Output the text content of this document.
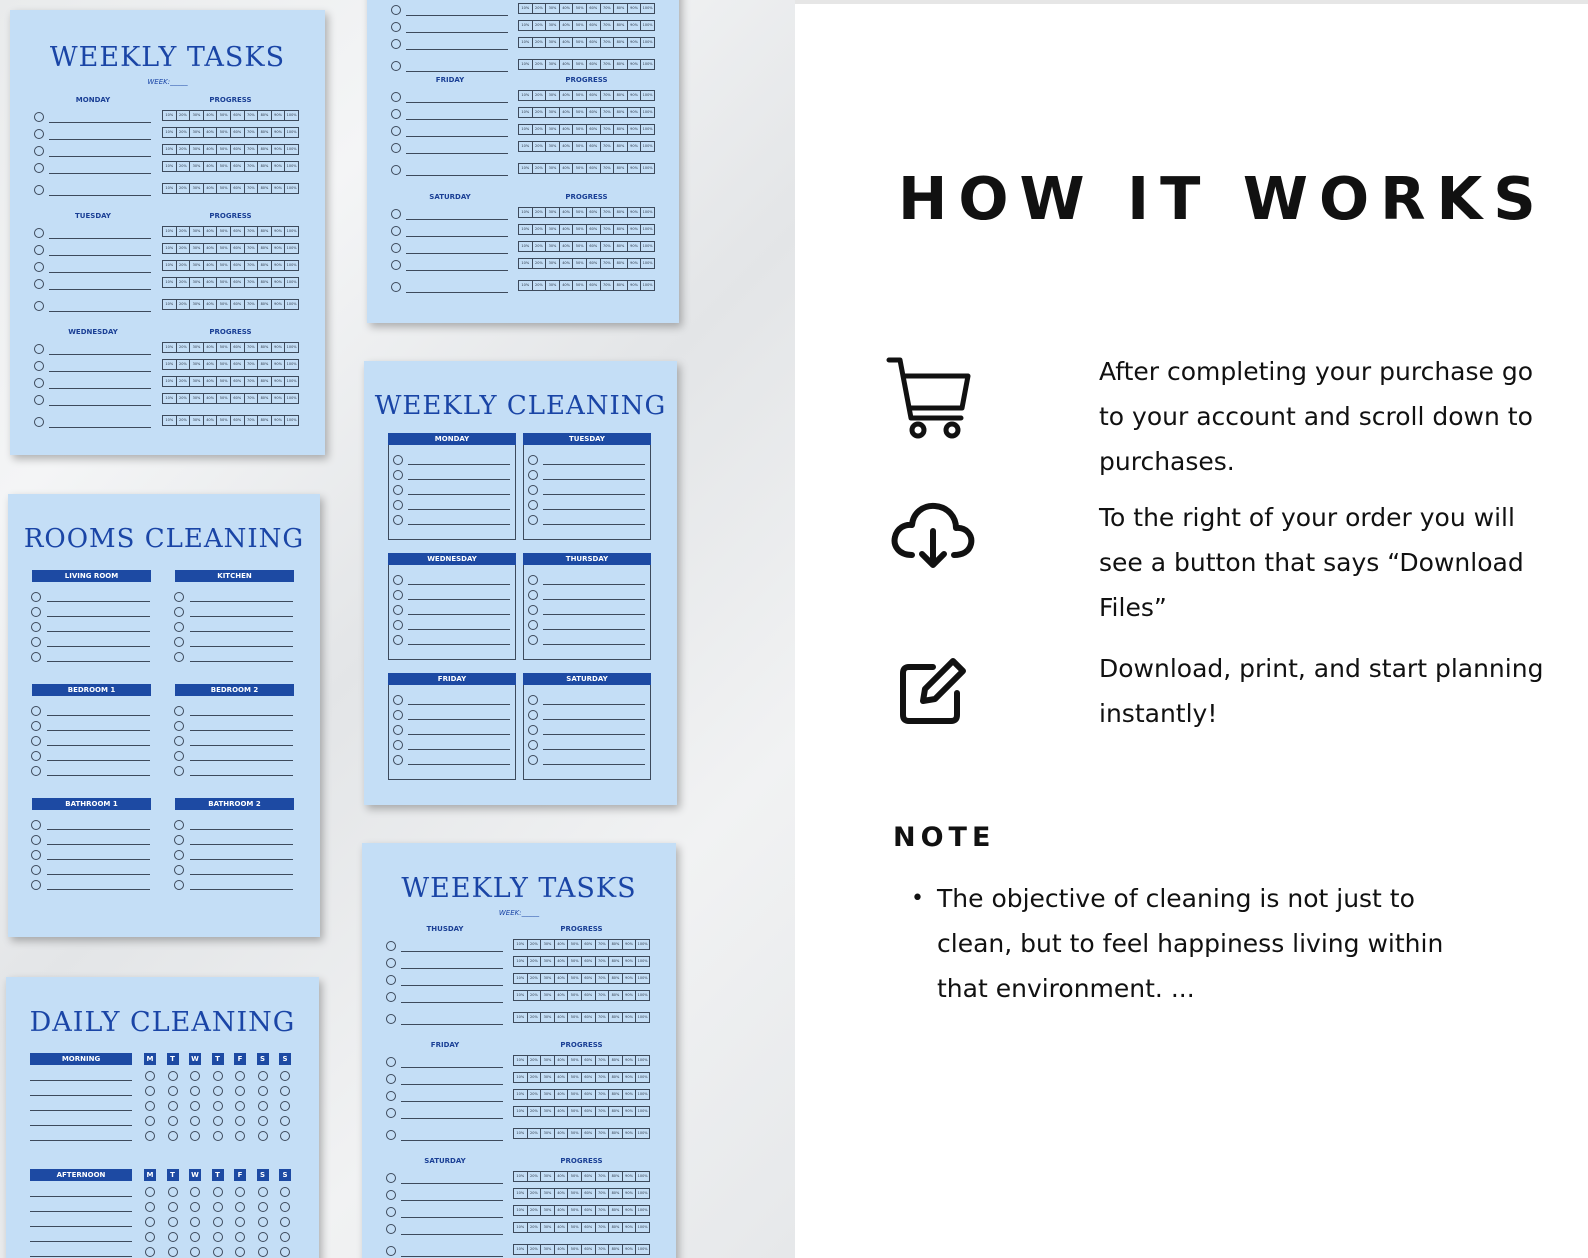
WEEKLY TASKS
WEEK:_____
MONDAY	PROGRESS
10%	20%	30%	40%	50%	60%	70%	80%	90%	100%
10%	20%	30%	40%	50%	60%	70%	80%	90%	100%
10%	20%	30%	40%	50%	60%	70%	80%	90%	100%
10%	20%	30%	40%	50%	60%	70%	80%	90%	100%
10%	20%	30%	40%	50%	60%	70%	80%	90%	100%
TUESDAY	PROGRESS
10%	20%	30%	40%	50%	60%	70%	80%	90%	100%
10%	20%	30%	40%	50%	60%	70%	80%	90%	100%
10%	20%	30%	40%	50%	60%	70%	80%	90%	100%
10%	20%	30%	40%	50%	60%	70%	80%	90%	100%
10%	20%	30%	40%	50%	60%	70%	80%	90%	100%
WEDNESDAY	PROGRESS
10%	20%	30%	40%	50%	60%	70%	80%	90%	100%
10%	20%	30%	40%	50%	60%	70%	80%	90%	100%
10%	20%	30%	40%	50%	60%	70%	80%	90%	100%
10%	20%	30%	40%	50%	60%	70%	80%	90%	100%
10%	20%	30%	40%	50%	60%	70%	80%	90%	100%
10%	20%	30%	40%	50%	60%	70%	80%	90%	100%
10%	20%	30%	40%	50%	60%	70%	80%	90%	100%
10%	20%	30%	40%	50%	60%	70%	80%	90%	100%
10%	20%	30%	40%	50%	60%	70%	80%	90%	100%
FRIDAY	PROGRESS
10%	20%	30%	40%	50%	60%	70%	80%	90%	100%
10%	20%	30%	40%	50%	60%	70%	80%	90%	100%
10%	20%	30%	40%	50%	60%	70%	80%	90%	100%
10%	20%	30%	40%	50%	60%	70%	80%	90%	100%
10%	20%	30%	40%	50%	60%	70%	80%	90%	100%
SATURDAY	PROGRESS
10%	20%	30%	40%	50%	60%	70%	80%	90%	100%
10%	20%	30%	40%	50%	60%	70%	80%	90%	100%
10%	20%	30%	40%	50%	60%	70%	80%	90%	100%
10%	20%	30%	40%	50%	60%	70%	80%	90%	100%
10%	20%	30%	40%	50%	60%	70%	80%	90%	100%
ROOMS CLEANING
LIVING ROOM	KITCHEN
BEDROOM 1	BEDROOM 2
BATHROOM 1	BATHROOM 2
WEEKLY CLEANING
MONDAY	TUESDAY
WEDNESDAY	THURSDAY
FRIDAY	SATURDAY
DAILY CLEANING
MORNING	M	T	W	T	F	S	S
AFTERNOON	M	T	W	T	F	S	S
WEEKLY TASKS
WEEK:_____
THUSDAY	PROGRESS
10%	20%	30%	40%	50%	60%	70%	80%	90%	100%
10%	20%	30%	40%	50%	60%	70%	80%	90%	100%
10%	20%	30%	40%	50%	60%	70%	80%	90%	100%
10%	20%	30%	40%	50%	60%	70%	80%	90%	100%
10%	20%	30%	40%	50%	60%	70%	80%	90%	100%
FRIDAY	PROGRESS
10%	20%	30%	40%	50%	60%	70%	80%	90%	100%
10%	20%	30%	40%	50%	60%	70%	80%	90%	100%
10%	20%	30%	40%	50%	60%	70%	80%	90%	100%
10%	20%	30%	40%	50%	60%	70%	80%	90%	100%
10%	20%	30%	40%	50%	60%	70%	80%	90%	100%
SATURDAY	PROGRESS
10%	20%	30%	40%	50%	60%	70%	80%	90%	100%
10%	20%	30%	40%	50%	60%	70%	80%	90%	100%
10%	20%	30%	40%	50%	60%	70%	80%	90%	100%
10%	20%	30%	40%	50%	60%	70%	80%	90%	100%
10%	20%	30%	40%	50%	60%	70%	80%	90%	100%
HOW IT WORKS
After completing your purchase go to your account and scroll down to purchases.
To the right of your order you will see a button that says “Download Files”
Download, print, and start planning instantly!
NOTE
• The objective of cleaning is not just to clean, but to feel happiness living within that environment. ...
